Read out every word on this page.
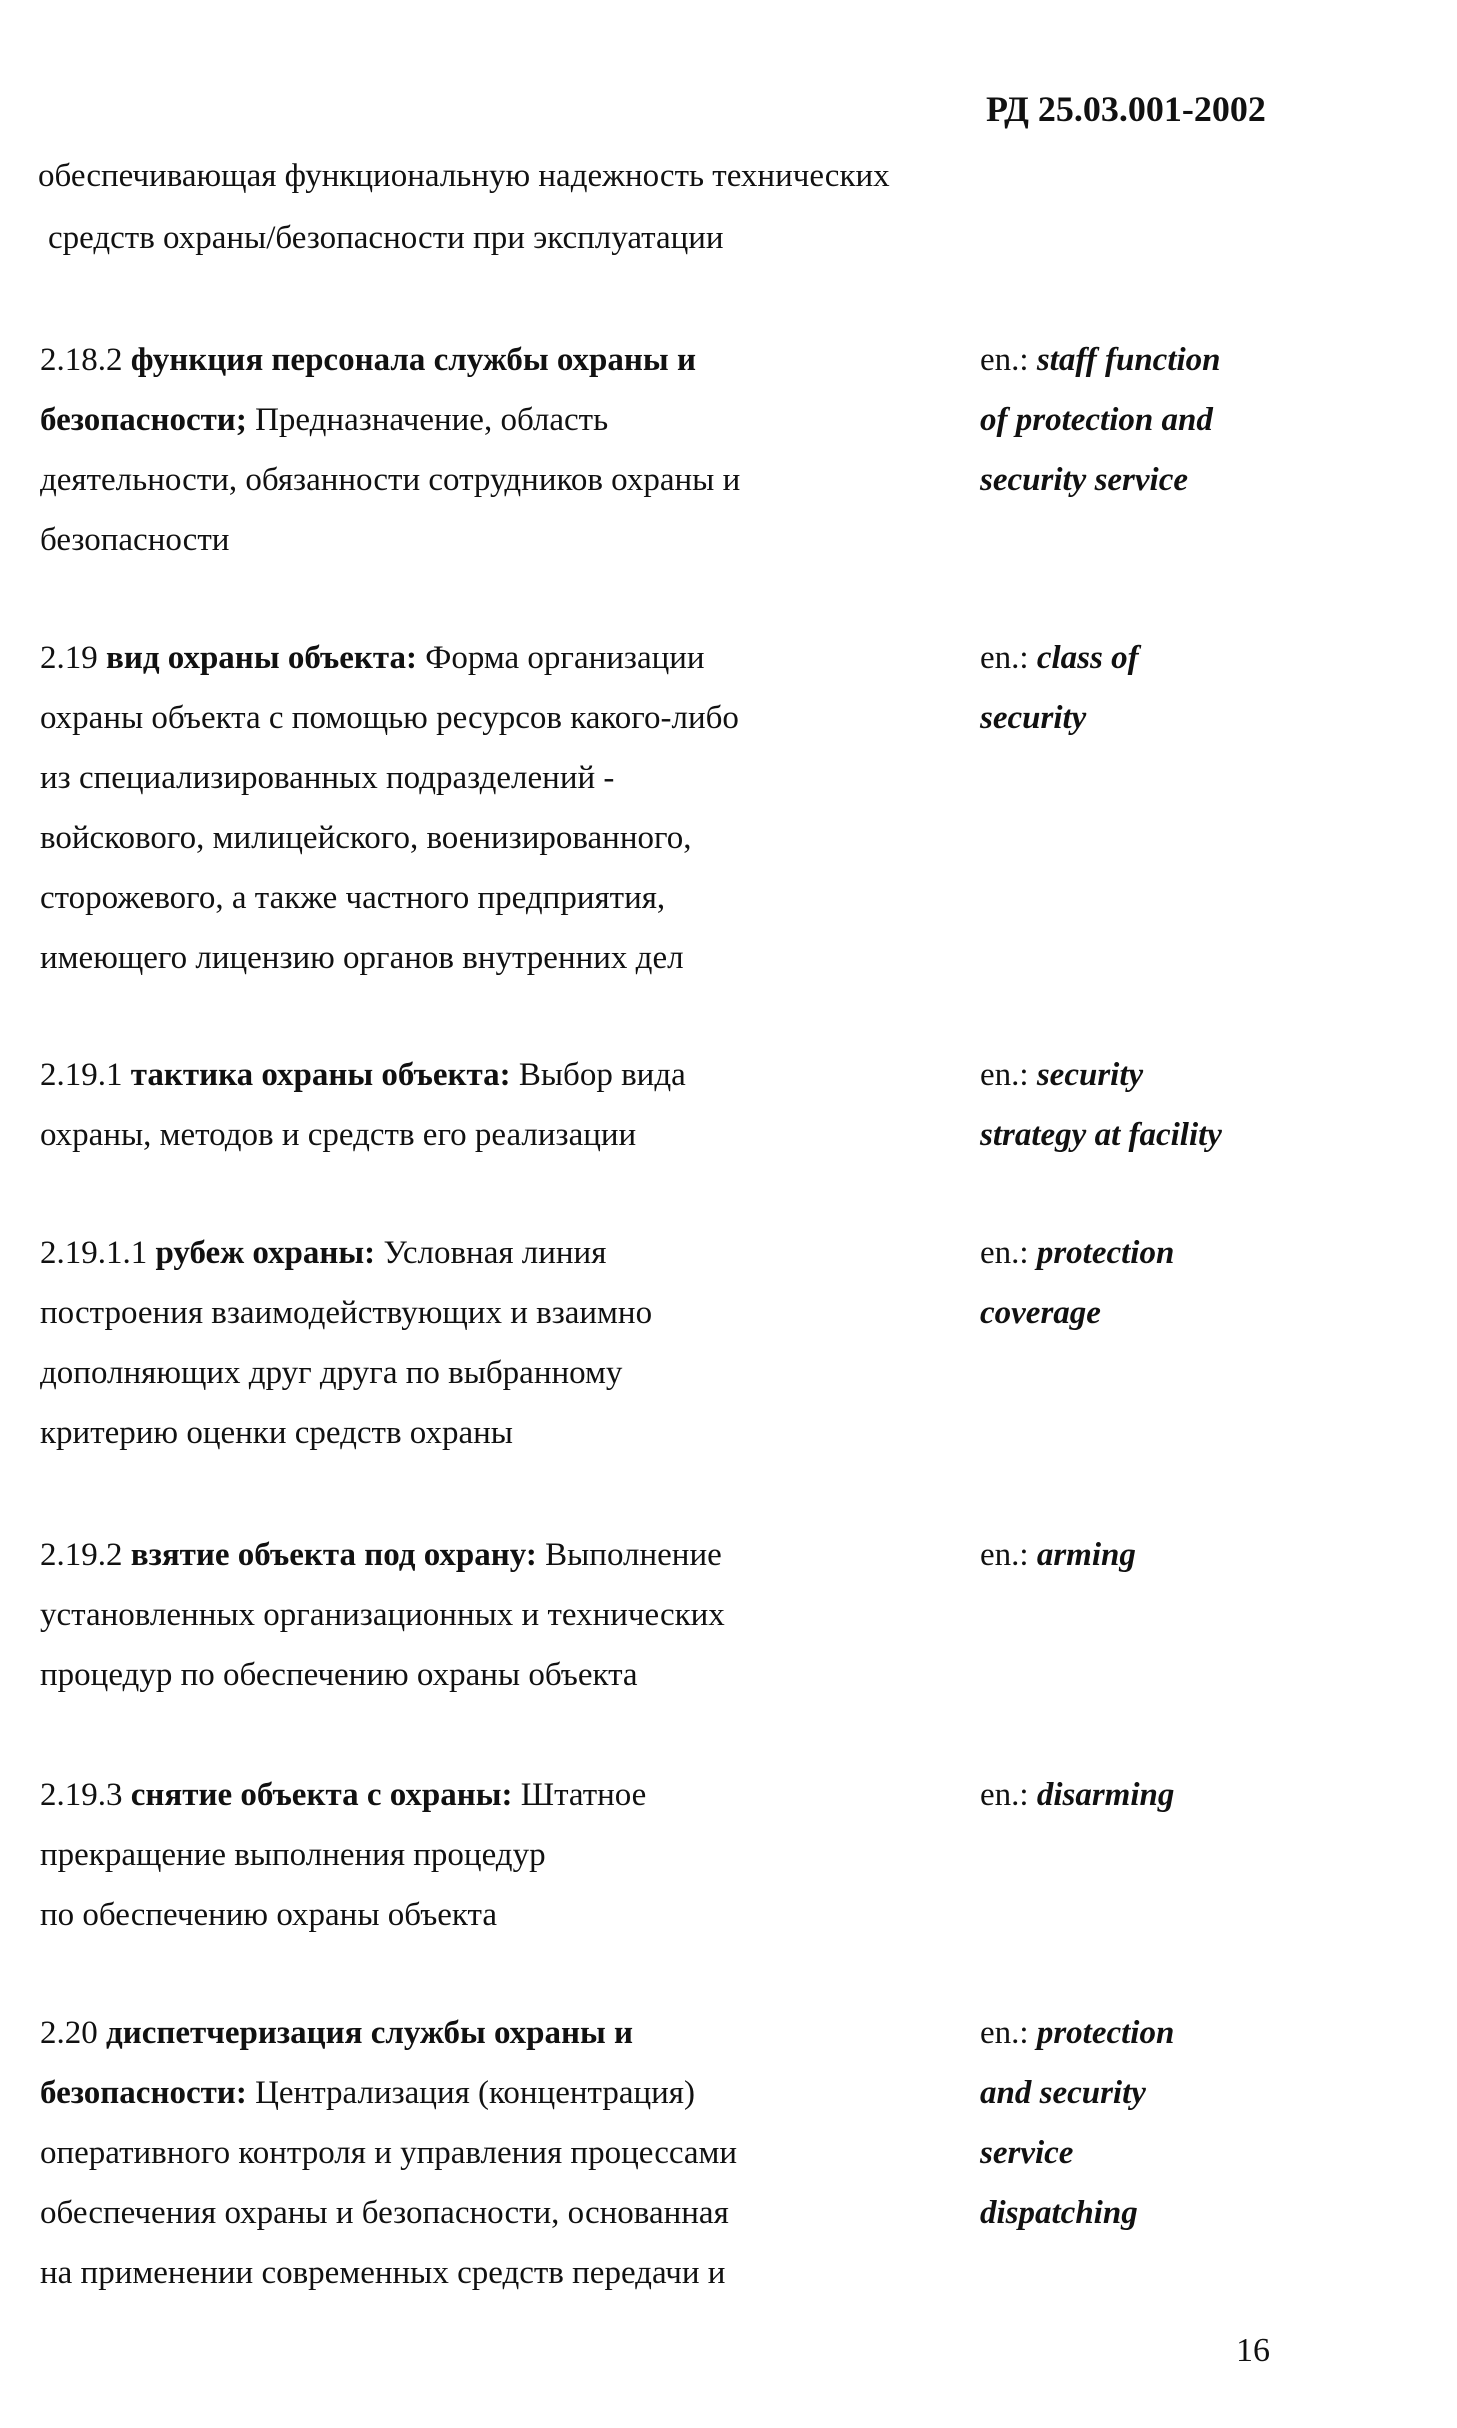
РД 25.03.001-2002
обеспечивающая функциональную надежность технических
средств охраны/безопасности при эксплуатации
2.18.2 функция персонала службы охраны и
безопасности; Предназначение, область
деятельности, обязанности сотрудников охраны и
безопасности
en.: staff function
of protection and
security service
2.19 вид охраны объекта: Форма организации
охраны объекта с помощью ресурсов какого-либо
из специализированных подразделений -
войскового, милицейского, военизированного,
сторожевого, а также частного предприятия,
имеющего лицензию органов внутренних дел
en.: class of
security
2.19.1 тактика охраны объекта: Выбор вида
охраны, методов и средств его реализации
en.: security
strategy at facility
2.19.1.1 рубеж охраны: Условная линия
построения взаимодействующих и взаимно
дополняющих друг друга по выбранному
критерию оценки средств охраны
en.: protection
coverage
2.19.2 взятие объекта под охрану: Выполнение
установленных организационных и технических
процедур по обеспечению охраны объекта
en.: arming
2.19.3 снятие объекта с охраны: Штатное
прекращение выполнения процедур
по обеспечению охраны объекта
en.: disarming
2.20 диспетчеризация службы охраны и
безопасности: Централизация (концентрация)
оперативного контроля и управления процессами
обеспечения охраны и безопасности, основанная
на применении современных средств передачи и
en.: protection
and security
service
dispatching
16
